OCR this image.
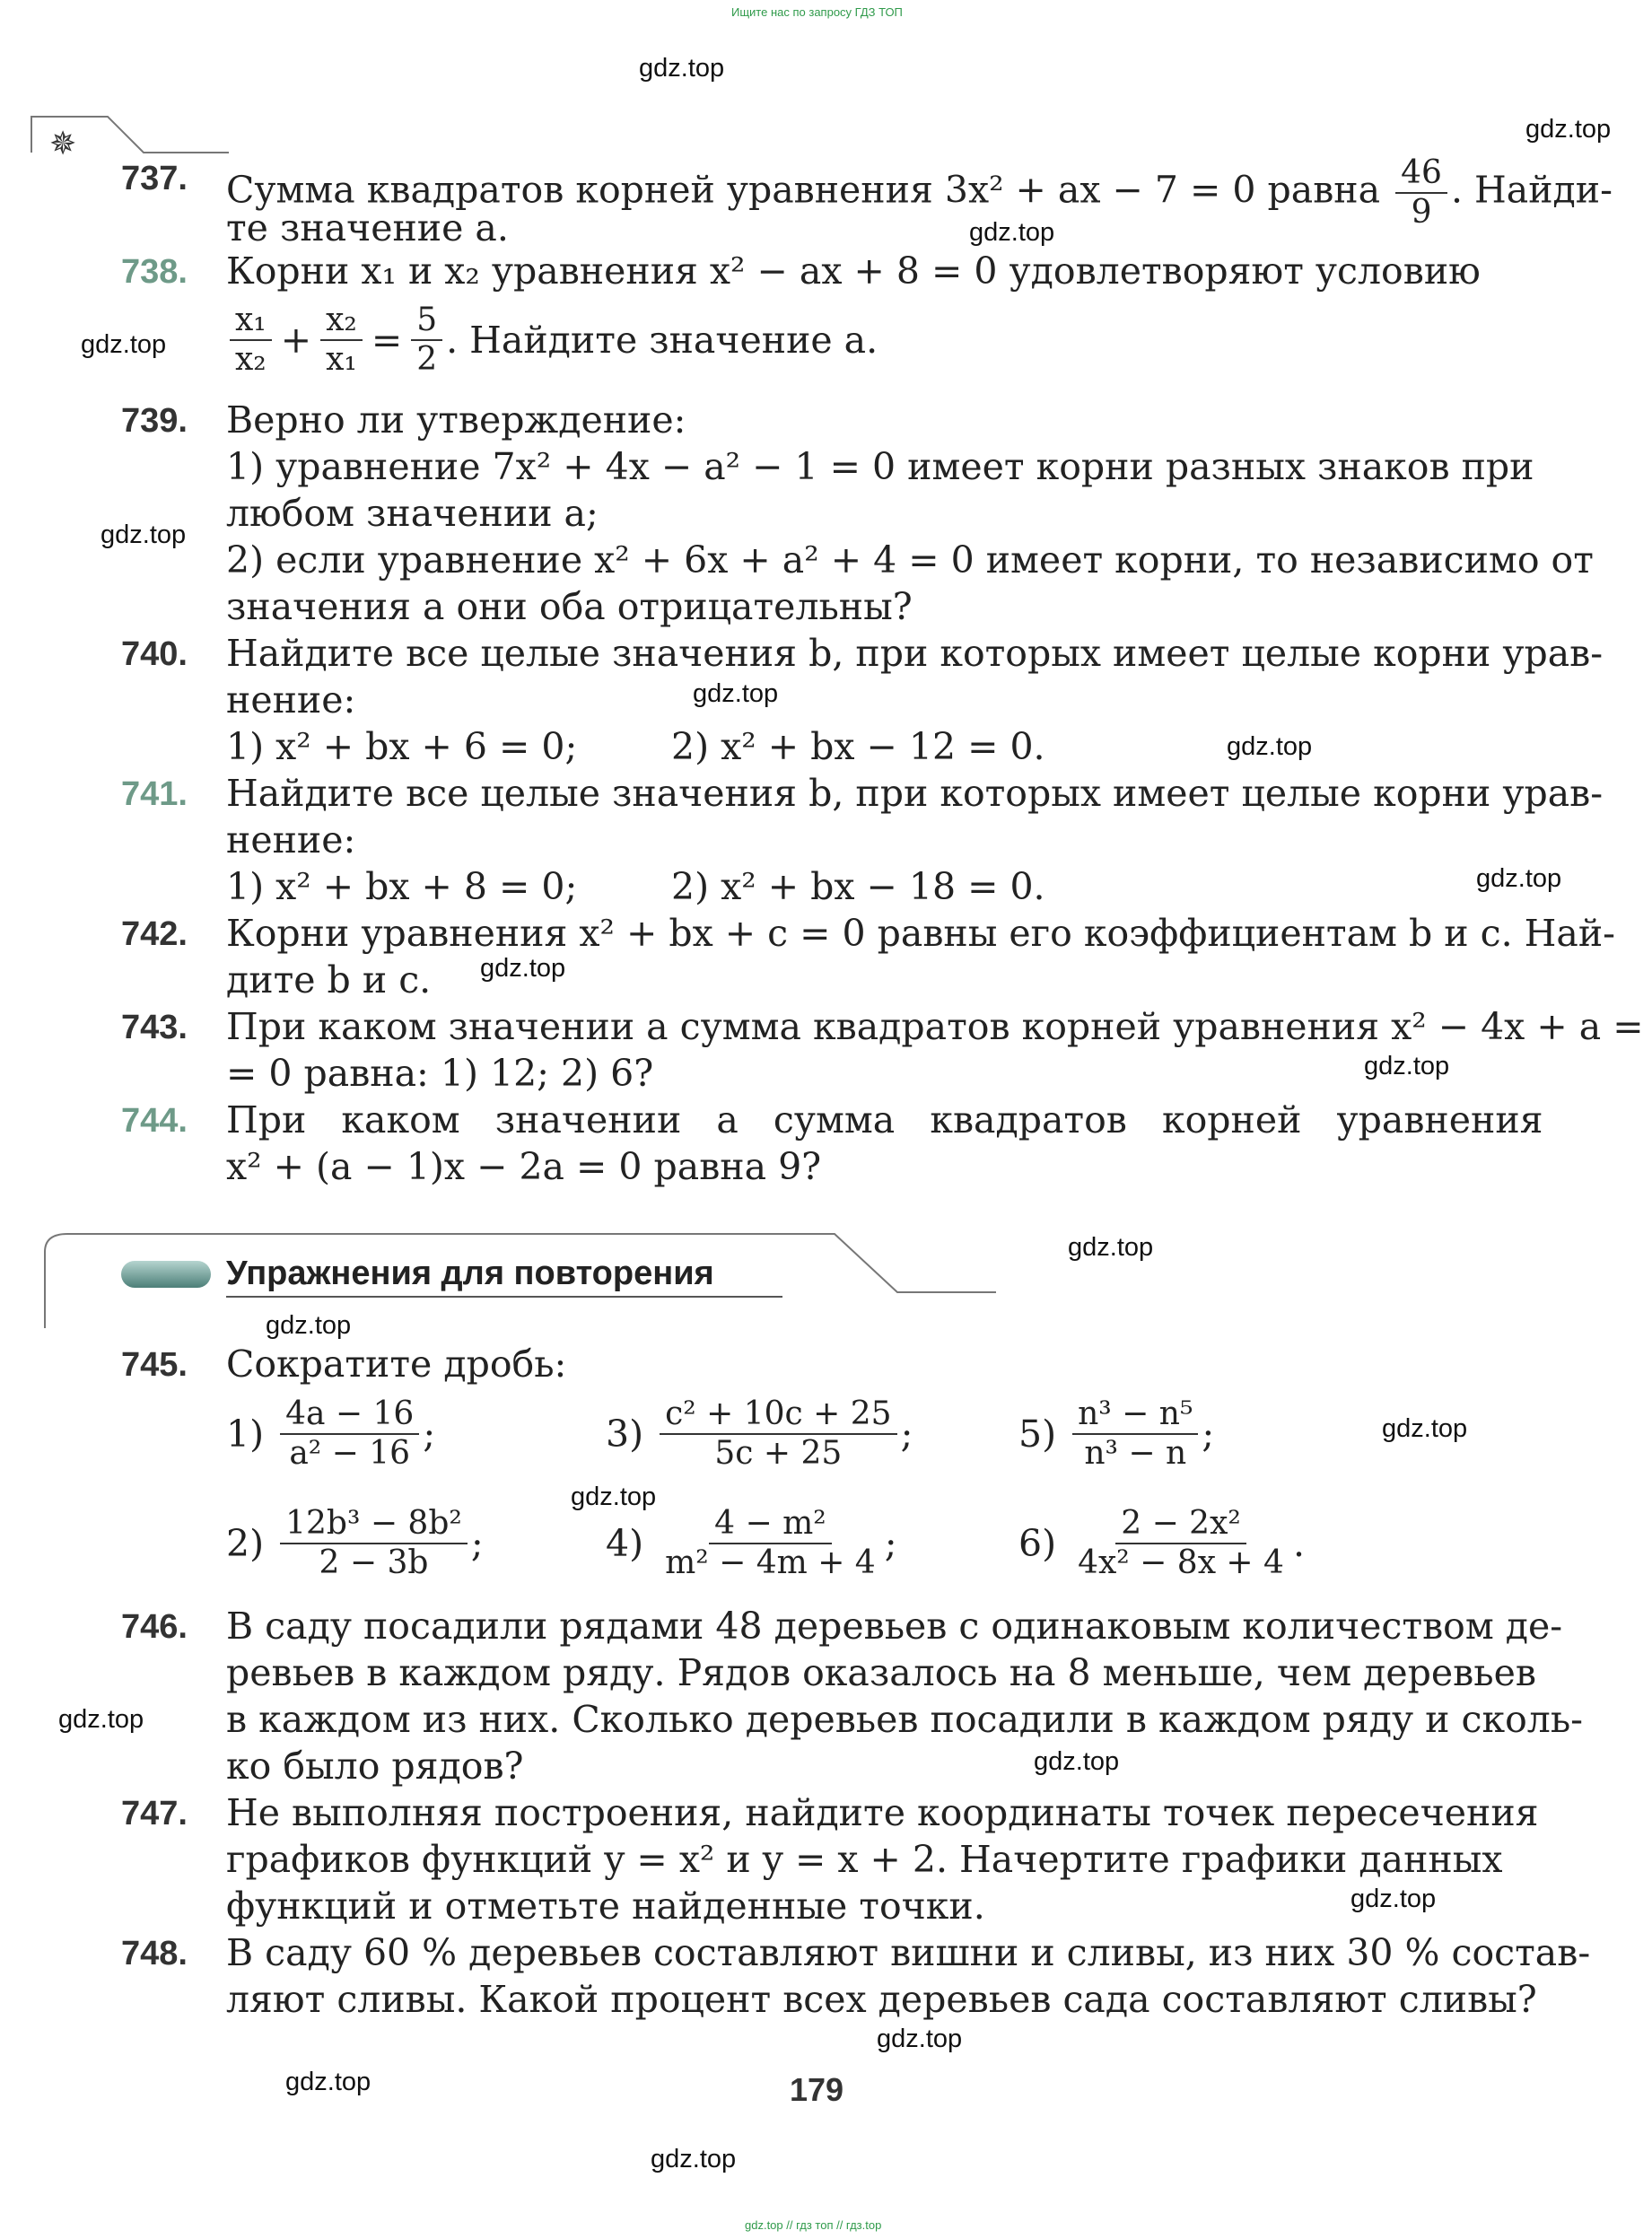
Ищите нас по запросу ГДЗ ТОП
✵
737. Сумма квадратов корней уравнения 3x² + ax − 7 = 0 равна $\frac{46}{9}$ . Найди-
те значение a.
738. Корни x₁ и x₂ уравнения x² − ax + 8 = 0 удовлетворяют условию
$\frac{\text{x₁}}{\text{x₂}} + \frac{\text{x₂}}{\text{x₁}} = \frac{5}{2}$ . Найдите значение a.
739. Верно ли утверждение:
1) уравнение 7x² + 4x − a² − 1 = 0 имеет корни разных знаков при
любом значении a;
2) если уравнение x² + 6x + a² + 4 = 0 имеет корни, то независимо от
значения a они оба отрицательны?
740. Найдите все целые значения b, при которых имеет целые корни урав-
нение:
1) x² + bx + 6 = 0;	2) x² + bx − 12 = 0.
741. Найдите все целые значения b, при которых имеет целые корни урав-
нение:
1) x² + bx + 8 = 0;	2) x² + bx − 18 = 0.
742. Корни уравнения x² + bx + c = 0 равны его коэффициентам b и c. Най-
дите b и c.
743. При каком значении a сумма квадратов корней уравнения x² − 4x + a =
= 0 равна: 1) 12; 2) 6?
744. При   каком   значении   a   сумма   квадратов   корней   уравнения
x² + (a − 1)x − 2a = 0 равна 9?
Упражнения для повторения
745. Сократите дробь:
$1) \frac{4a - 16}{\text{a² − 16}}$ ;	$3) \frac{\text{c² + 10c + 25}}{5c + 25}$ ;	$5) \frac{\text{n³ − n⁵}}{\text{n³ − n}}$ ;
$2) \frac{\text{12b³ − 8b²}}{2 - 3b}$ ;	$4) \frac{\text{4 − m²}}{\text{m² − 4m + 4}}$ ;	$6) \frac{\text{2 − 2x²}}{\text{4x² − 8x + 4}}$ .
746. В саду посадили рядами 48 деревьев с одинаковым количеством де-
ревьев в каждом ряду. Рядов оказалось на 8 меньше, чем деревьев
в каждом из них. Сколько деревьев посадили в каждом ряду и сколь-
ко было рядов?
747. Не выполняя построения, найдите координаты точек пересечения
графиков функций y = x² и y = x + 2. Начертите графики данных
функций и отметьте найденные точки.
748. В саду 60 % деревьев составляют вишни и сливы, из них 30 % состав-
ляют сливы. Какой процент всех деревьев сада составляют сливы?
179
gdz.top
gdz.top
gdz.top
gdz.top
gdz.top
gdz.top
gdz.top
gdz.top
gdz.top
gdz.top
gdz.top
gdz.top
gdz.top
gdz.top
gdz.top
gdz.top
gdz.top
gdz.top
gdz.top
gdz.top
gdz.top // гдз топ // гдз.top
